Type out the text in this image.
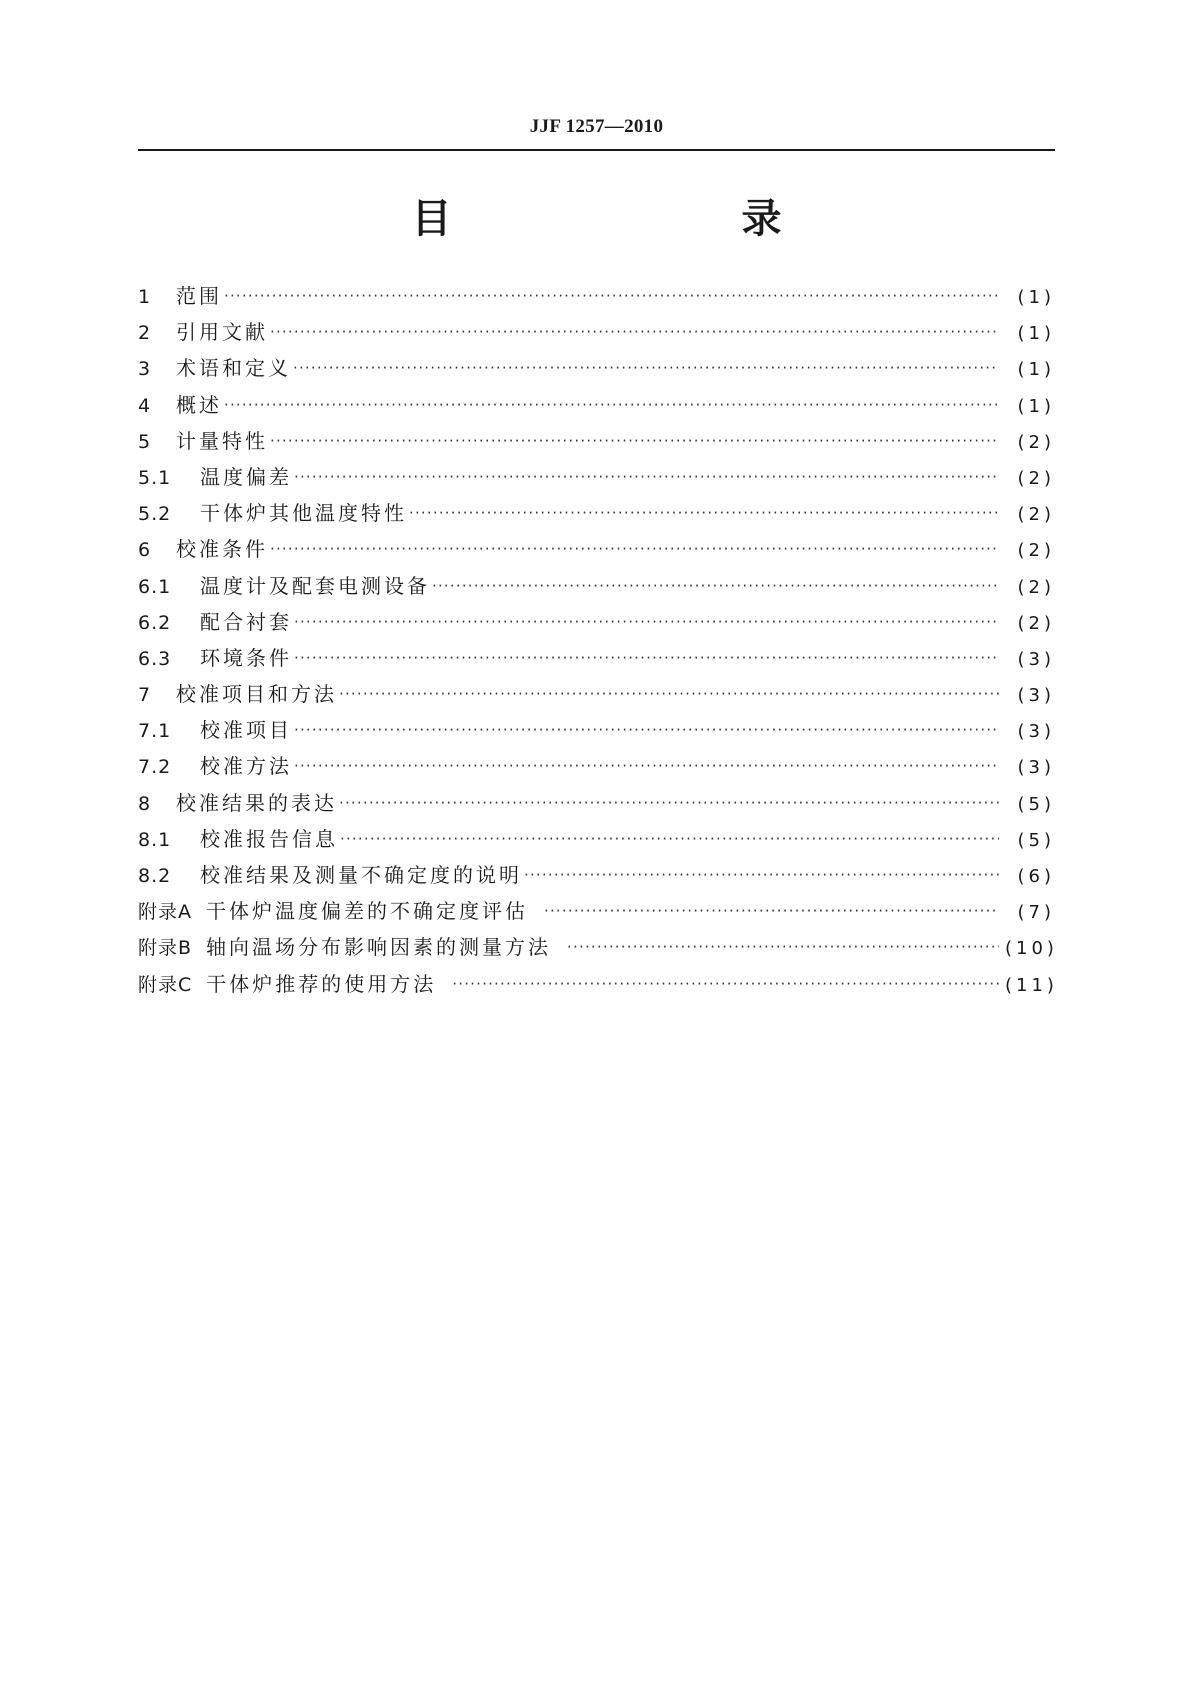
JJF 1257—2010
目　　录
1	范围 ·····	(1)
2	引用文献 ·····	(1)
3	术语和定义 ·····	(1)
4	概述 ·····	(1)
5	计量特性 ·····	(2)
5.1	温度偏差 ·····	(2)
5.2	干体炉其他温度特性 ·····	(2)
6	校准条件 ·····	(2)
6.1	温度计及配套电测设备 ·····	(2)
6.2	配合衬套 ·····	(2)
6.3	环境条件 ·····	(3)
7	校准项目和方法 ·····	(3)
7.1	校准项目 ·····	(3)
7.2	校准方法 ·····	(3)
8	校准结果的表达 ·····	(5)
8.1	校准报告信息 ·····	(5)
8.2	校准结果及测量不确定度的说明 ·····	(6)
附录A 干体炉温度偏差的不确定度评估 ·····	(7)
附录B 轴向温场分布影响因素的测量方法 ·····	(10)
附录C 干体炉推荐的使用方法 ·····	(11)
